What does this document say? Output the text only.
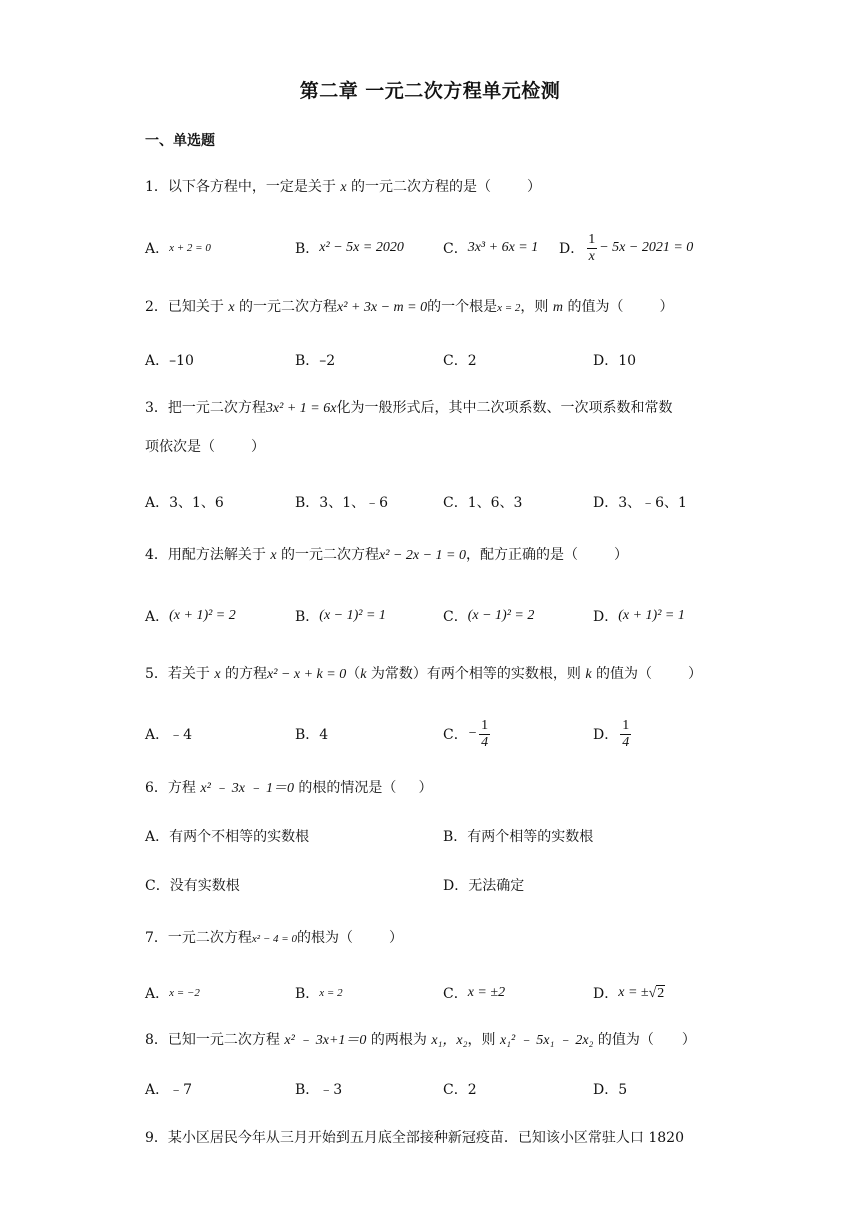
第二章 一元二次方程单元检测
一、单选题
1．以下各方程中，一定是关于 x 的一元二次方程的是（	）
A． x + 2 = 0	B． x² − 5x = 2020	C． 3x³ + 6x = 1 D． $\frac{1}{x} - 5x - 2021 = 0$
2．已知关于 x 的一元二次方程x² + 3x − m = 0的一个根是x = 2，则 m 的值为（	）
A．–10	B．–2	C．2	D．10
3．把一元二次方程3x² + 1 = 6x化为一般形式后，其中二次项系数、一次项系数和常数
项依次是（	）
A．3、1、6	B．3、1、﹣6	C．1、6、3	D．3、﹣6、1
4．用配方法解关于 x 的一元二次方程x² − 2x − 1 = 0，配方正确的是（	）
A． (x + 1)² = 2	B． (x − 1)² = 1	C． (x − 1)² = 2	D． (x + 1)² = 1
5．若关于 x 的方程x² − x + k = 0（k 为常数）有两个相等的实数根，则 k 的值为（	）
A．﹣4	B．4	C． − $\frac{1}{4}$	D． $\frac{1}{4}$
6．方程 x² ﹣ 3x ﹣ 1＝0 的根的情况是（ ）
A．有两个不相等的实数根	B．有两个相等的实数根
C．没有实数根	D．无法确定
7．一元二次方程x² − 4 = 0的根为（	）
A． x = −2	B． x = 2	C． x = ±2	D． x = ± √ 2
8．已知一元二次方程 x² ﹣ 3x+1＝0 的两根为 x₁，x₂，则 x₁² ﹣ 5x₁ ﹣ 2x₂ 的值为（ ）
A．﹣7	B．﹣3	C．2	D．5
9．某小区居民今年从三月开始到五月底全部接种新冠疫苗．已知该小区常驻人口 1820
